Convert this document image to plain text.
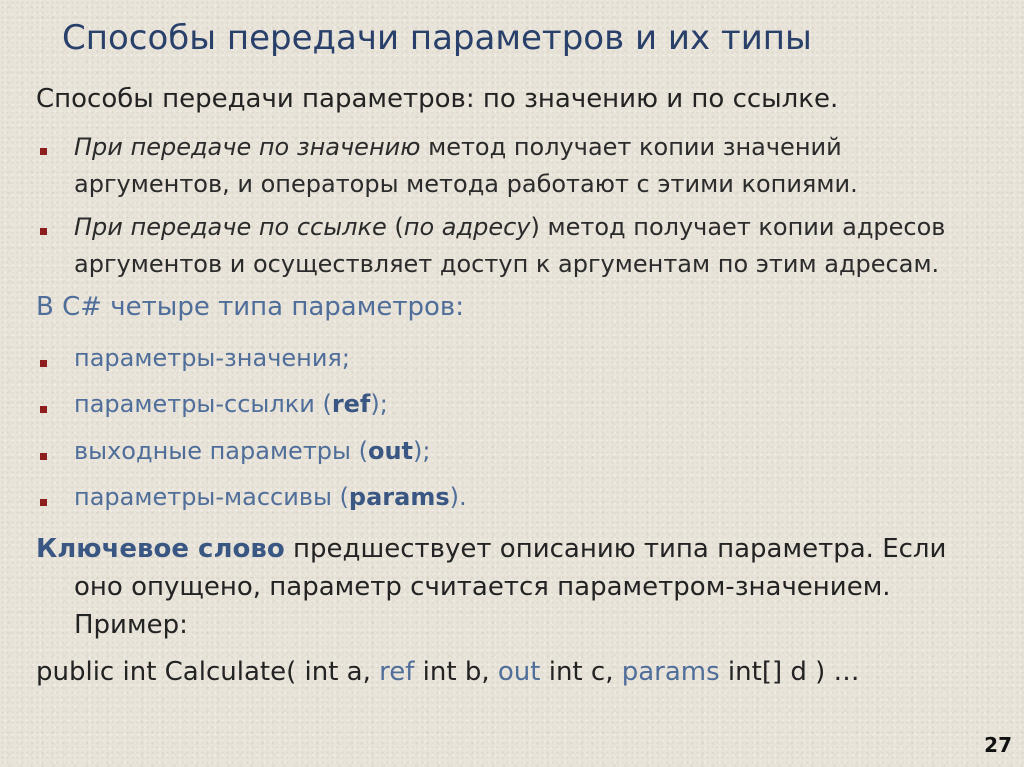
Способы передачи параметров и их типы

Способы передачи параметров: по значению и по ссылке.

При передаче по значению метод получает копии значений

аргументов, и операторы метода работают с этими копиями.

При передаче по ссылке (по адресу) метод получает копии адресов

аргументов и осуществляет доступ к аргументам по этим адресам.

В C# четыре типа параметров:

параметры-значения;

параметры-ссылки (ref);

выходные параметры (out);

параметры-массивы (params).

Ключевое слово предшествует описанию типа параметра. Если
оно опущено, параметр считается параметром-значением.
Пример:

public int Calculate( int a, ref int b, out int c, params int[] d ) …

27
